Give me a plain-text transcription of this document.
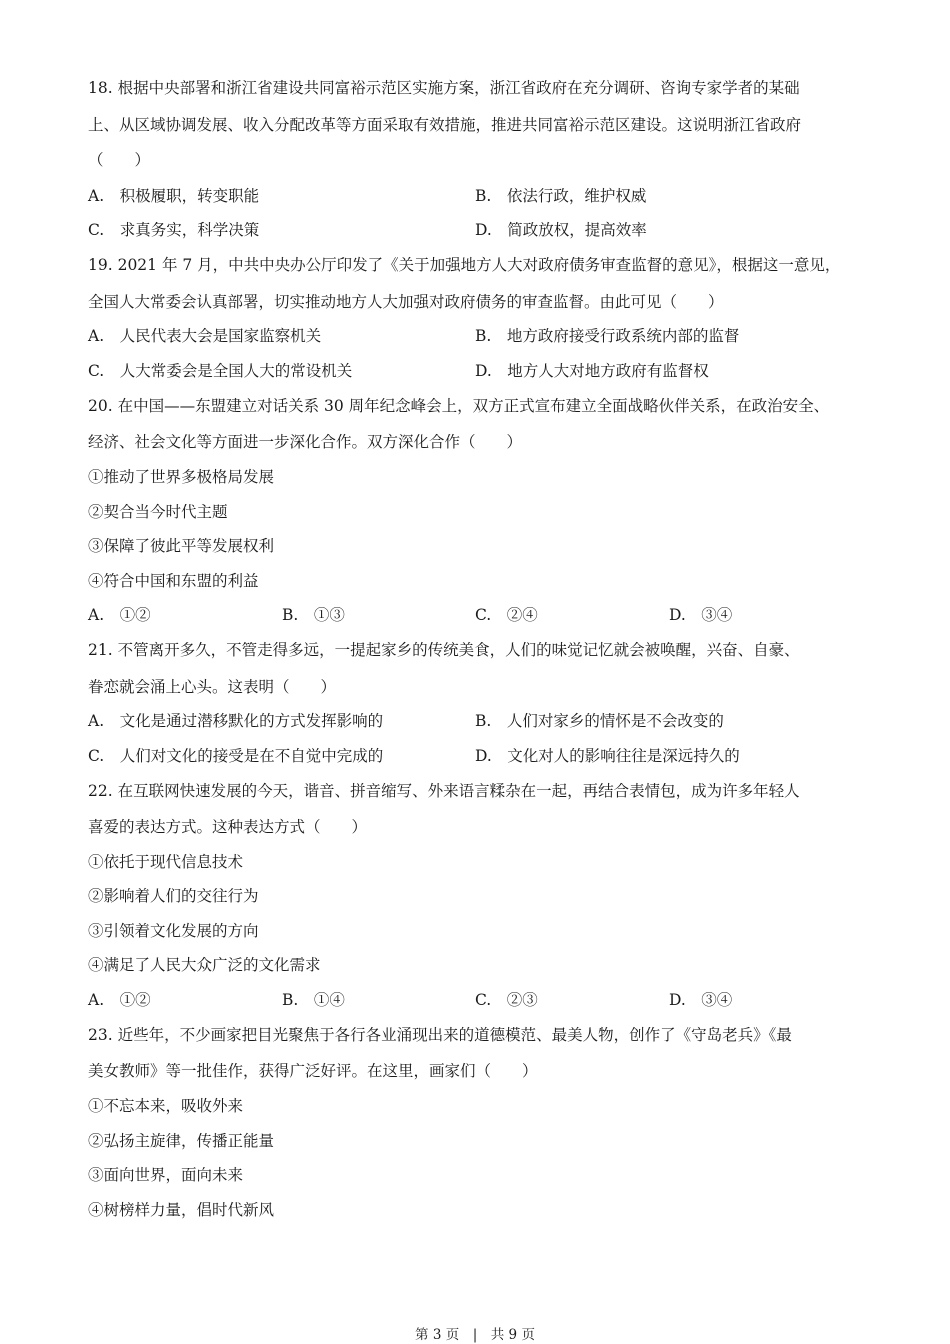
18. 根据中央部署和浙江省建设共同富裕示范区实施方案，浙江省政府在充分调研、咨询专家学者的某础
上、从区域协调发展、收入分配改革等方面采取有效措施，推进共同富裕示范区建设。这说明浙江省政府
（　　）
A.　积极履职，转变职能	B.　依法行政，维护权威
C.　求真务实，科学决策	D.　简政放权，提高效率
19. 2021 年 7 月，中共中央办公厅印发了《关于加强地方人大对政府债务审查监督的意见》，根据这一意见，
全国人大常委会认真部署，切实推动地方人大加强对政府债务的审查监督。由此可见（　　）
A.　人民代表大会是国家监察机关	B.　地方政府接受行政系统内部的监督
C.　人大常委会是全国人大的常设机关	D.　地方人大对地方政府有监督权
20. 在中国——东盟建立对话关系 30 周年纪念峰会上，双方正式宣布建立全面战略伙伴关系，在政治安全、
经济、社会文化等方面进一步深化合作。双方深化合作（　　）
①推动了世界多极格局发展
②契合当今时代主题
③保障了彼此平等发展权利
④符合中国和东盟的利益
A.　①②	B.　①③	C.　②④	D.　③④
21. 不管离开多久，不管走得多远，一提起家乡的传统美食，人们的味觉记忆就会被唤醒，兴奋、自豪、
眷恋就会涌上心头。这表明（　　）
A.　文化是通过潜移默化的方式发挥影响的	B.　人们对家乡的情怀是不会改变的
C.　人们对文化的接受是在不自觉中完成的	D.　文化对人的影响往往是深远持久的
22. 在互联网快速发展的今天，谐音、拼音缩写、外来语言糅杂在一起，再结合表情包，成为许多年轻人
喜爱的表达方式。这种表达方式（　　）
①依托于现代信息技术
②影响着人们的交往行为
③引领着文化发展的方向
④满足了人民大众广泛的文化需求
A.　①②	B.　①④	C.　②③	D.　③④
23. 近些年，不少画家把目光聚焦于各行各业涌现出来的道德模范、最美人物，创作了《守岛老兵》《最
美女教师》等一批佳作，获得广泛好评。在这里，画家们（　　）
①不忘本来，吸收外来
②弘扬主旋律，传播正能量
③面向世界，面向未来
④树榜样力量，倡时代新风
第 3 页　|　共 9 页
